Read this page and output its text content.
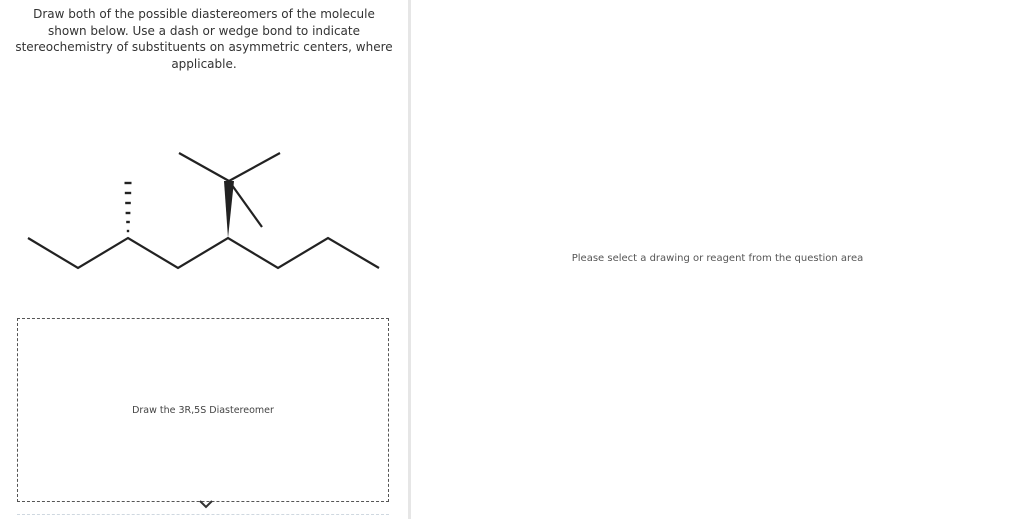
Draw both of the possible diastereomers of the molecule shown below. Use a dash or wedge bond to indicate stereochemistry of substituents on asymmetric centers, where applicable.
Draw the 3R,5S Diastereomer
Please select a drawing or reagent from the question area
